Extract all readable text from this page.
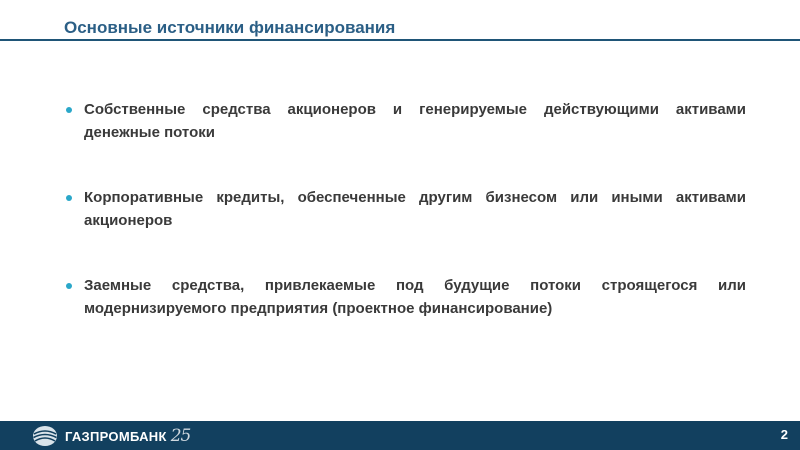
Основные источники финансирования
Собственные средства акционеров и генерируемые действующими активами денежные потоки
Корпоративные кредиты, обеспеченные другим бизнесом или иными активами акционеров
Заемные средства, привлекаемые под будущие потоки строящегося или модернизируемого предприятия (проектное финансирование)
ГАЗПРОМБАНК 25	2
